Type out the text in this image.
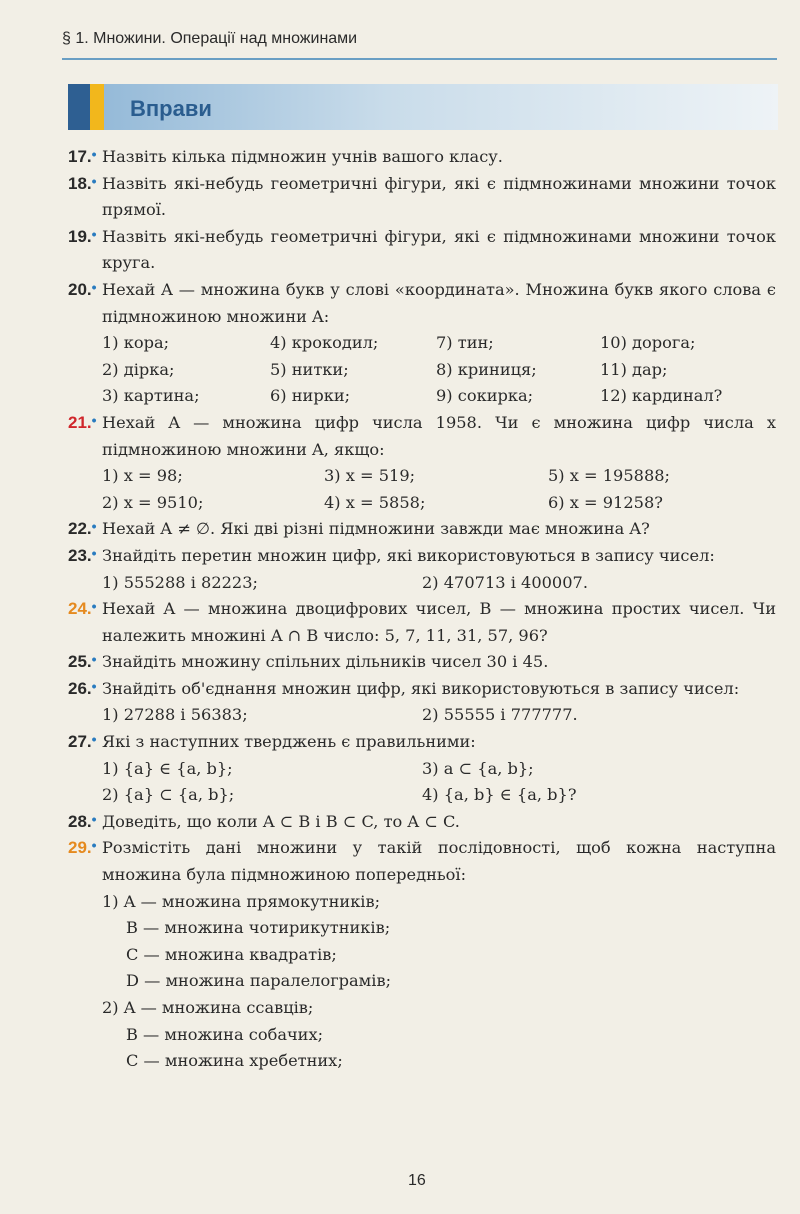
§ 1. Множини. Операції над множинами
Вправи
17.• Назвіть кілька підмножин учнів вашого класу.
18.• Назвіть які-небудь геометричні фігури, які є підмножинами множини точок прямої.
19.• Назвіть які-небудь геометричні фігури, які є підмножинами множини точок круга.
20.• Нехай A — множина букв у слові «координата». Множина букв якого слова є підмножиною множини A:
1) кора;	4) крокодил;	7) тин;	10) дорога;
2) дірка;	5) нитки;	8) криниця;	11) дар;
3) картина;	6) нирки;	9) сокирка;	12) кардинал?
21.• Нехай A — множина цифр числа 1958. Чи є множина цифр числа x підмножиною множини A, якщо:
1) x = 98;	3) x = 519;	5) x = 195888;
2) x = 9510;	4) x = 5858;	6) x = 91258?
22.• Нехай A ≠ ∅. Які дві різні підмножини завжди має множина A?
23.• Знайдіть перетин множин цифр, які використовуються в запису чисел:
1) 555288 і 82223;	2) 470713 і 400007.
24.• Нехай A — множина двоцифрових чисел, B — множина простих чисел. Чи належить множині A ∩ B число: 5, 7, 11, 31, 57, 96?
25.• Знайдіть множину спільних дільників чисел 30 і 45.
26.• Знайдіть об'єднання множин цифр, які використовуються в запису чисел:
1) 27288 і 56383;	2) 55555 і 777777.
27.• Які з наступних тверджень є правильними:
1) {a} ∈ {a, b};	3) a ⊂ {a, b};
2) {a} ⊂ {a, b};	4) {a, b} ∈ {a, b}?
28.• Доведіть, що коли A ⊂ B і B ⊂ C, то A ⊂ C.
29.• Розмістіть дані множини у такій послідовності, щоб кожна наступна множина була підмножиною попередньої:
1) A — множина прямокутників;
B — множина чотирикутників;
C — множина квадратів;
D — множина паралелограмів;
2) A — множина ссавців;
B — множина собачих;
C — множина хребетних;
16
